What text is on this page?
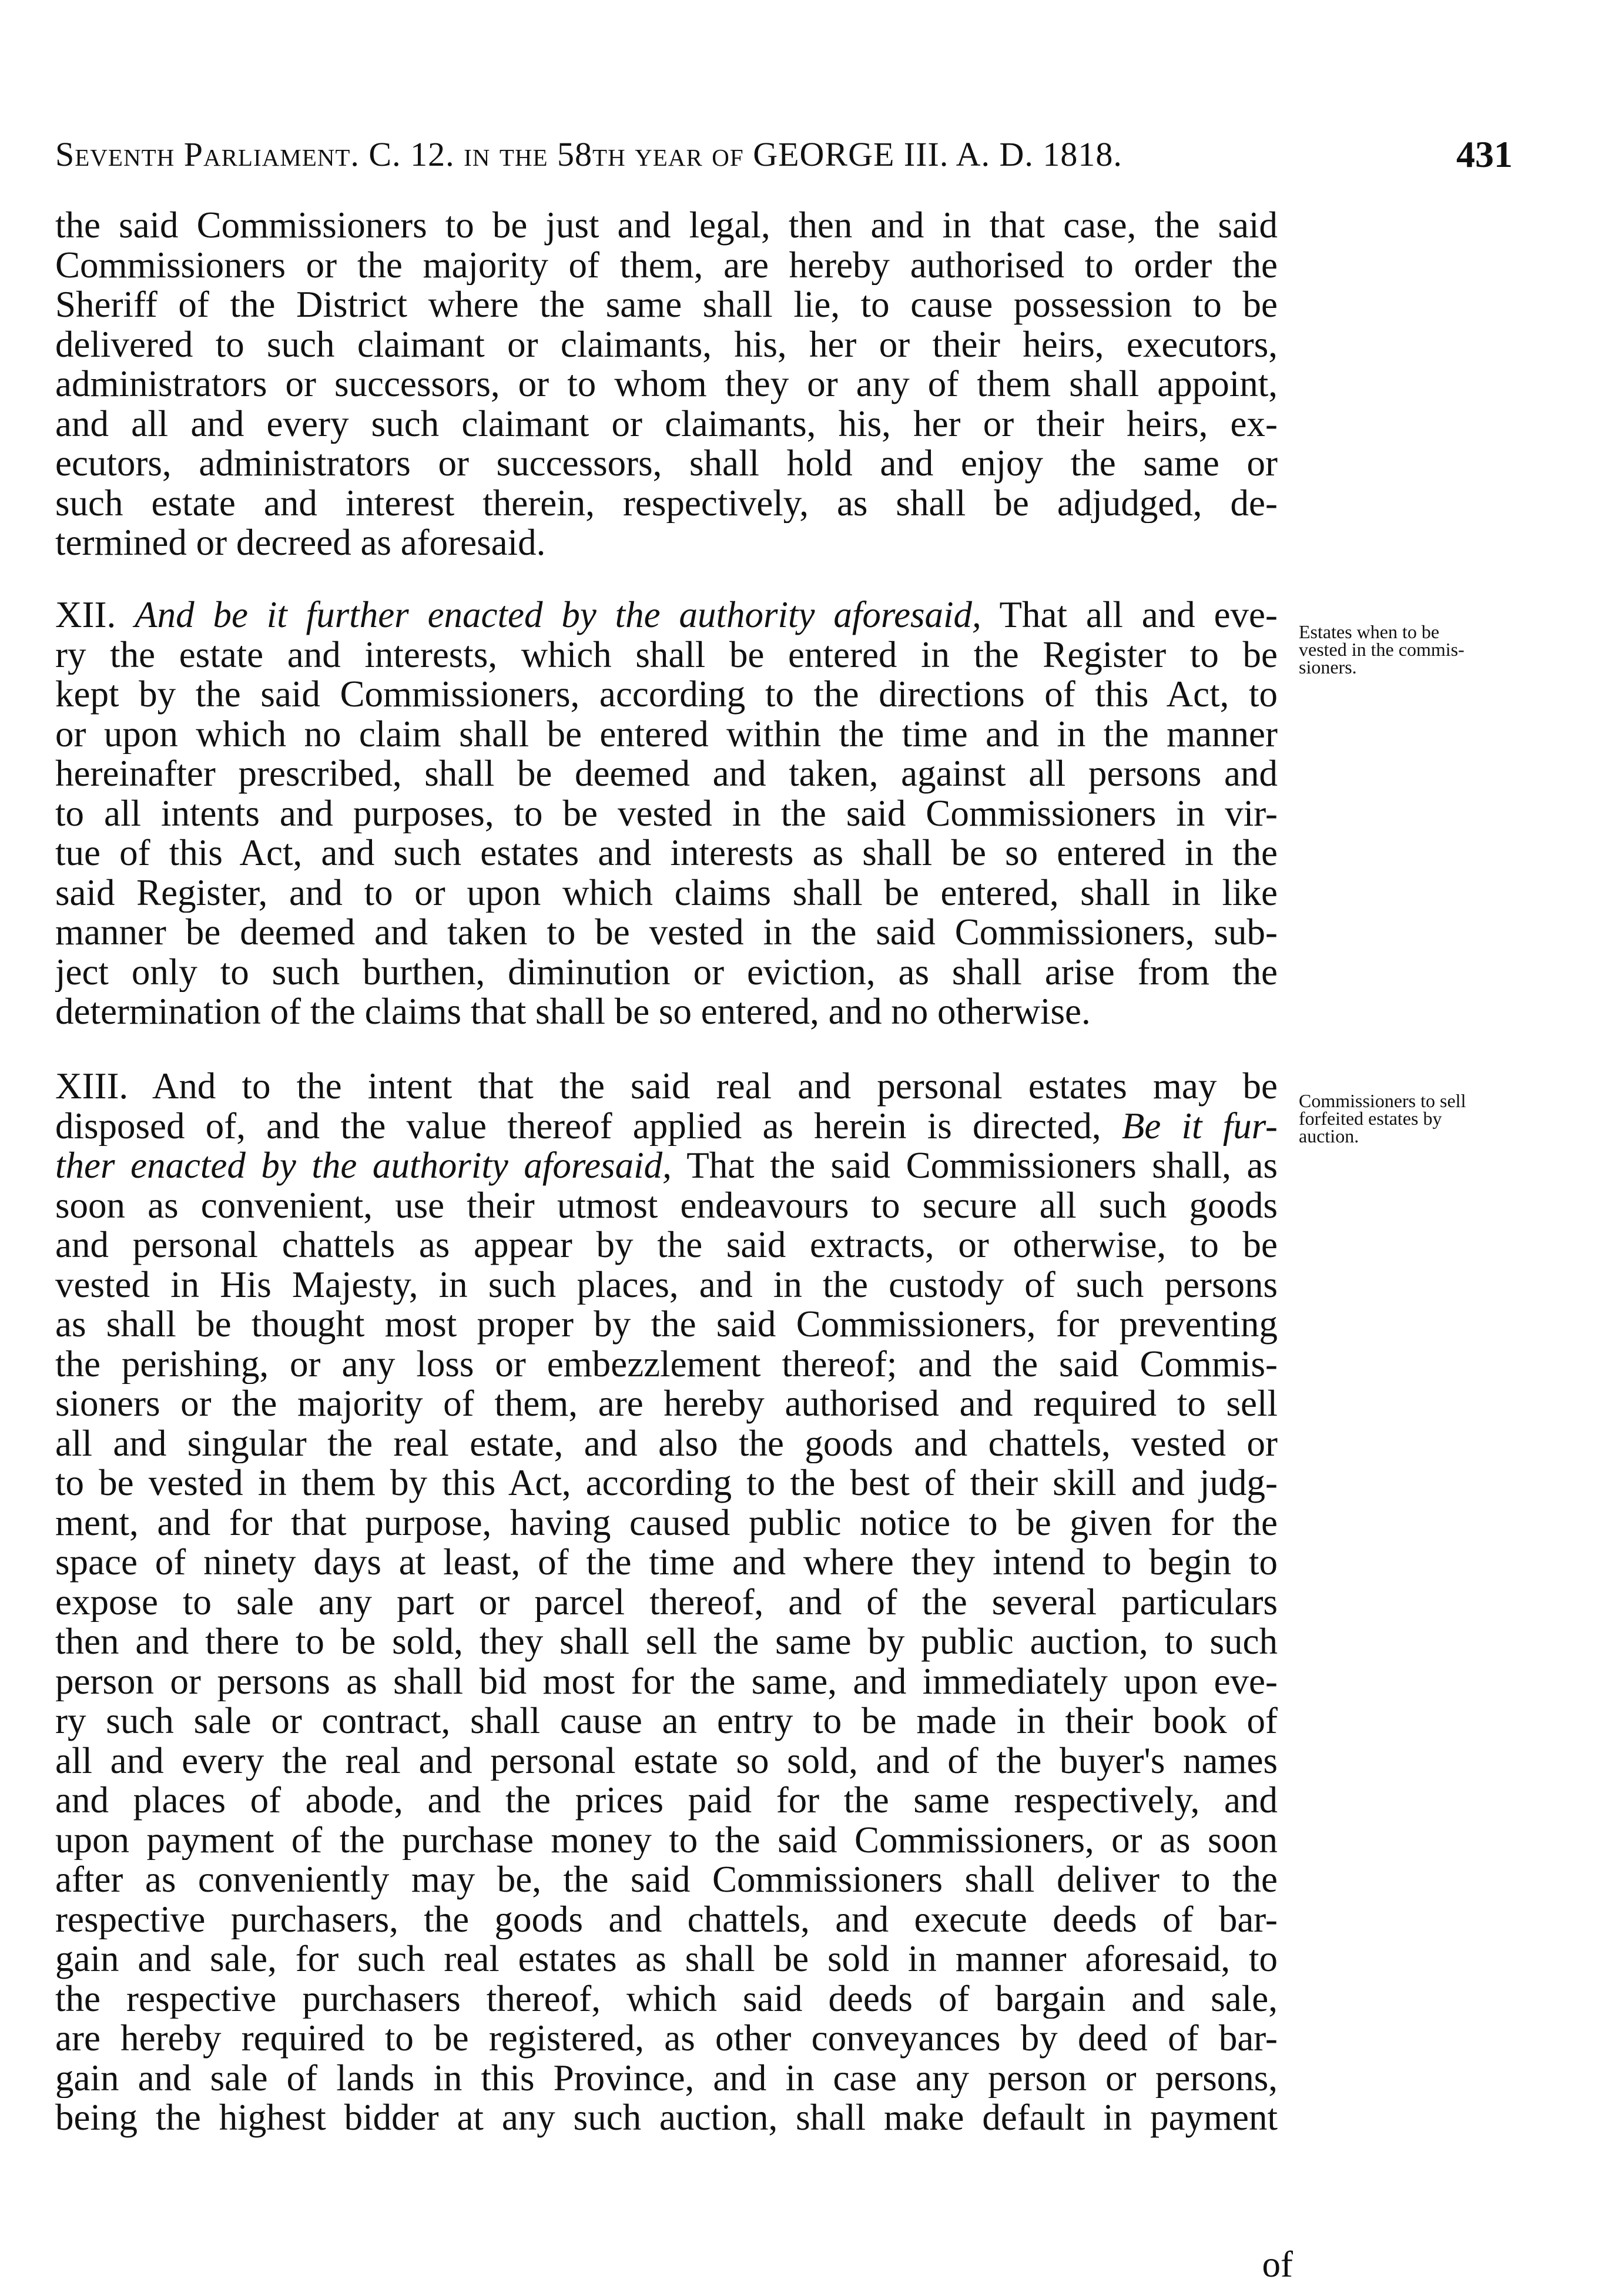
Seventh Parliament. C. 12. in the 58th year of GEORGE III. A. D. 1818.	431
the said Commissioners to be just and legal, then and in that case, the said
Commissioners or the majority of them, are hereby authorised to order the
Sheriff of the District where the same shall lie, to cause possession to be
delivered to such claimant or claimants, his, her or their heirs, executors,
administrators or successors, or to whom they or any of them shall appoint,
and all and every such claimant or claimants, his, her or their heirs, ex-
ecutors, administrators or successors, shall hold and enjoy the same or
such estate and interest therein, respectively, as shall be adjudged, de-
termined or decreed as aforesaid.
XII. And be it further enacted by the authority aforesaid, That all and eve-
ry the estate and interests, which shall be entered in the Register to be
kept by the said Commissioners, according to the directions of this Act, to
or upon which no claim shall be entered within the time and in the manner
hereinafter prescribed, shall be deemed and taken, against all persons and
to all intents and purposes, to be vested in the said Commissioners in vir-
tue of this Act, and such estates and interests as shall be so entered in the
said Register, and to or upon which claims shall be entered, shall in like
manner be deemed and taken to be vested in the said Commissioners, sub-
ject only to such burthen, diminution or eviction, as shall arise from the
determination of the claims that shall be so entered, and no otherwise.
Estates when to be
vested in the commis-
sioners.
XIII. And to the intent that the said real and personal estates may be
disposed of, and the value thereof applied as herein is directed, Be it fur-
ther enacted by the authority aforesaid, That the said Commissioners shall, as
soon as convenient, use their utmost endeavours to secure all such goods
and personal chattels as appear by the said extracts, or otherwise, to be
vested in His Majesty, in such places, and in the custody of such persons
as shall be thought most proper by the said Commissioners, for preventing
the perishing, or any loss or embezzlement thereof; and the said Commis-
sioners or the majority of them, are hereby authorised and required to sell
all and singular the real estate, and also the goods and chattels, vested or
to be vested in them by this Act, according to the best of their skill and judg-
ment, and for that purpose, having caused public notice to be given for the
space of ninety days at least, of the time and where they intend to begin to
expose to sale any part or parcel thereof, and of the several particulars
then and there to be sold, they shall sell the same by public auction, to such
person or persons as shall bid most for the same, and immediately upon eve-
ry such sale or contract, shall cause an entry to be made in their book of
all and every the real and personal estate so sold, and of the buyer's names
and places of abode, and the prices paid for the same respectively, and
upon payment of the purchase money to the said Commissioners, or as soon
after as conveniently may be, the said Commissioners shall deliver to the
respective purchasers, the goods and chattels, and execute deeds of bar-
gain and sale, for such real estates as shall be sold in manner aforesaid, to
the respective purchasers thereof, which said deeds of bargain and sale,
are hereby required to be registered, as other conveyances by deed of bar-
gain and sale of lands in this Province, and in case any person or persons,
being the highest bidder at any such auction, shall make default in payment
Commissioners to sell
forfeited estates by
auction.
of
